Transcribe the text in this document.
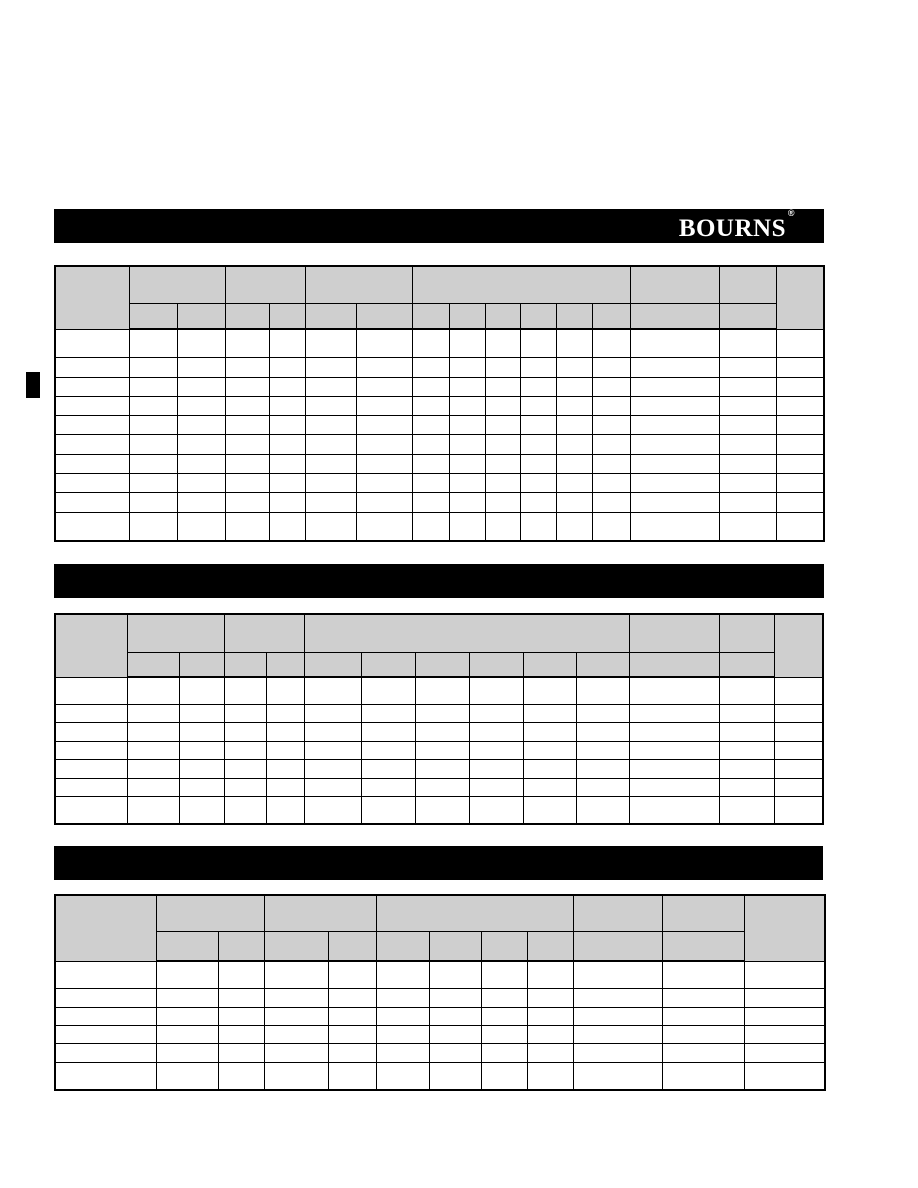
BOURNS
®
